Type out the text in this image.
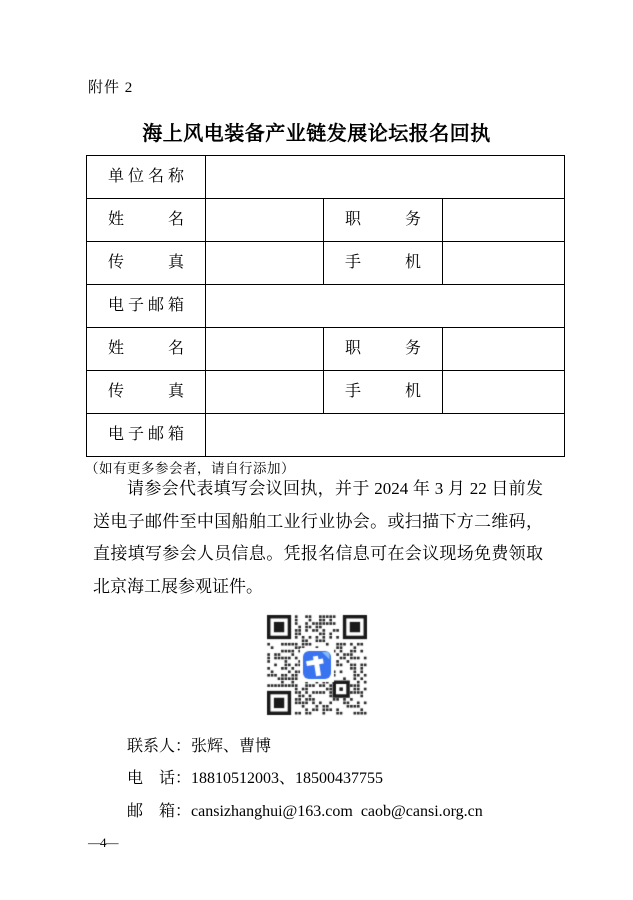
附件 2
海上风电装备产业链发展论坛报名回执
单位名称			

姓名		职务	

传真		手机	

电子邮箱			

姓名		职务	

传真		手机	

电子邮箱			

（如有更多参会者，请自行添加）
请参会代表填写会议回执，并于 2024 年 3 月 22 日前发送电子邮件至中国船舶工业行业协会。或扫描下方二维码，直接填写参会人员信息。凭报名信息可在会议现场免费领取北京海工展参观证件。
联系人：张辉、曹博
电　话：18810512003、18500437755
邮　箱：cansizhanghui@163.com  caob@cansi.org.cn
—4—
